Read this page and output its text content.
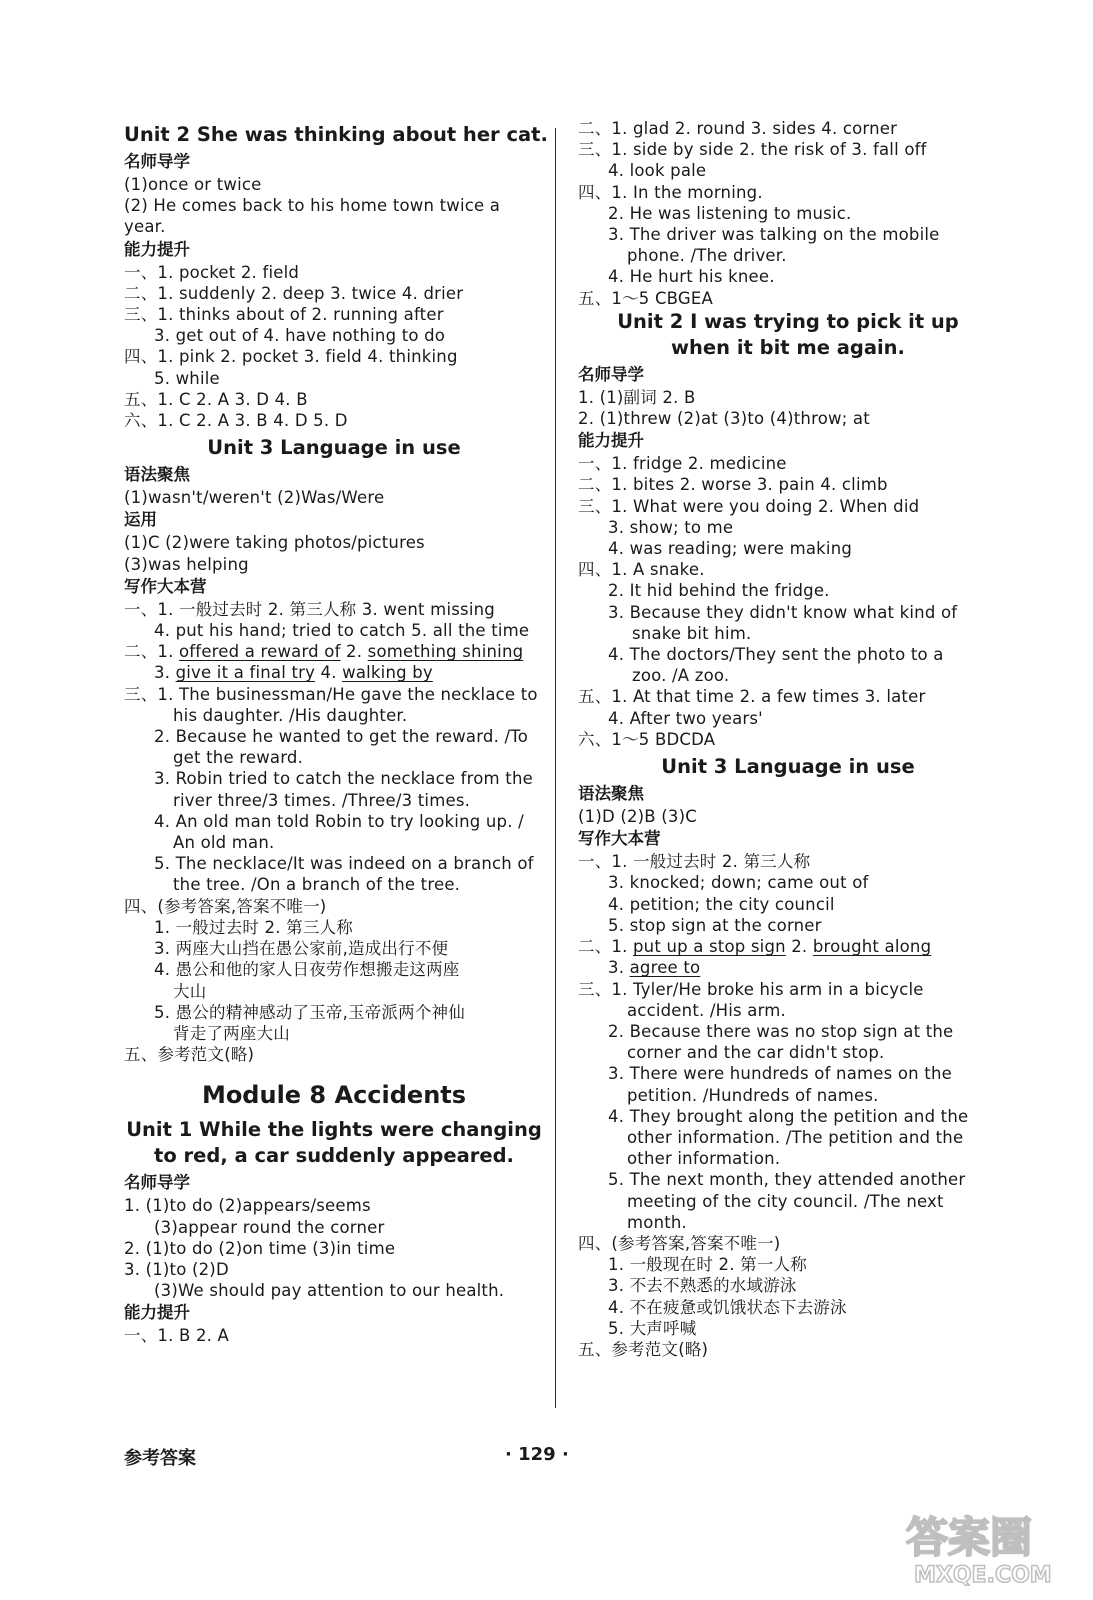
Unit 2 She was thinking about her cat.
名师导学
(1)once or twice
(2) He comes back to his home town twice a
year.
能力提升
一、1. pocket 2. field
二、1. suddenly 2. deep 3. twice 4. drier
三、1. thinks about of 2. running after
3. get out of 4. have nothing to do
四、1. pink 2. pocket 3. field 4. thinking
5. while
五、1. C 2. A 3. D 4. B
六、1. C 2. A 3. B 4. D 5. D
Unit 3 Language in use
语法聚焦
(1)wasn't/weren't (2)Was/Were
运用
(1)C (2)were taking photos/pictures
(3)was helping
写作大本营
一、1. 一般过去时 2. 第三人称 3. went missing
4. put his hand; tried to catch 5. all the time
二、1. offered a reward of 2. something shining
3. give it a final try 4. walking by
三、1. The businessman/He gave the necklace to
his daughter. /His daughter.
2. Because he wanted to get the reward. /To
get the reward.
3. Robin tried to catch the necklace from the
river three/3 times. /Three/3 times.
4. An old man told Robin to try looking up. /
An old man.
5. The necklace/It was indeed on a branch of
the tree. /On a branch of the tree.
四、(参考答案,答案不唯一)
1. 一般过去时 2. 第三人称
3. 两座大山挡在愚公家前,造成出行不便
4. 愚公和他的家人日夜劳作想搬走这两座
大山
5. 愚公的精神感动了玉帝,玉帝派两个神仙
背走了两座大山
五、参考范文(略)
Module 8 Accidents
Unit 1 While the lights were changing
to red, a car suddenly appeared.
名师导学
1. (1)to do (2)appears/seems
(3)appear round the corner
2. (1)to do (2)on time (3)in time
3. (1)to (2)D
(3)We should pay attention to our health.
能力提升
一、1. B 2. A
二、1. glad 2. round 3. sides 4. corner
三、1. side by side 2. the risk of 3. fall off
4. look pale
四、1. In the morning.
2. He was listening to music.
3. The driver was talking on the mobile
phone. /The driver.
4. He hurt his knee.
五、1～5 CBGEA
Unit 2 I was trying to pick it up
when it bit me again.
名师导学
1. (1)副词 2. B
2. (1)threw (2)at (3)to (4)throw; at
能力提升
一、1. fridge 2. medicine
二、1. bites 2. worse 3. pain 4. climb
三、1. What were you doing 2. When did
3. show; to me
4. was reading; were making
四、1. A snake.
2. It hid behind the fridge.
3. Because they didn't know what kind of
snake bit him.
4. The doctors/They sent the photo to a
zoo. /A zoo.
五、1. At that time 2. a few times 3. later
4. After two years'
六、1～5 BDCDA
Unit 3 Language in use
语法聚焦
(1)D (2)B (3)C
写作大本营
一、1. 一般过去时 2. 第三人称
3. knocked; down; came out of
4. petition; the city council
5. stop sign at the corner
二、1. put up a stop sign 2. brought along
3. agree to
三、1. Tyler/He broke his arm in a bicycle
accident. /His arm.
2. Because there was no stop sign at the
corner and the car didn't stop.
3. There were hundreds of names on the
petition. /Hundreds of names.
4. They brought along the petition and the
other information. /The petition and the
other information.
5. The next month, they attended another
meeting of the city council. /The next
month.
四、(参考答案,答案不唯一)
1. 一般现在时 2. 第一人称
3. 不去不熟悉的水域游泳
4. 不在疲惫或饥饿状态下去游泳
5. 大声呼喊
五、参考范文(略)
参考答案	· 129 ·
答案圈
MXQE.COM
